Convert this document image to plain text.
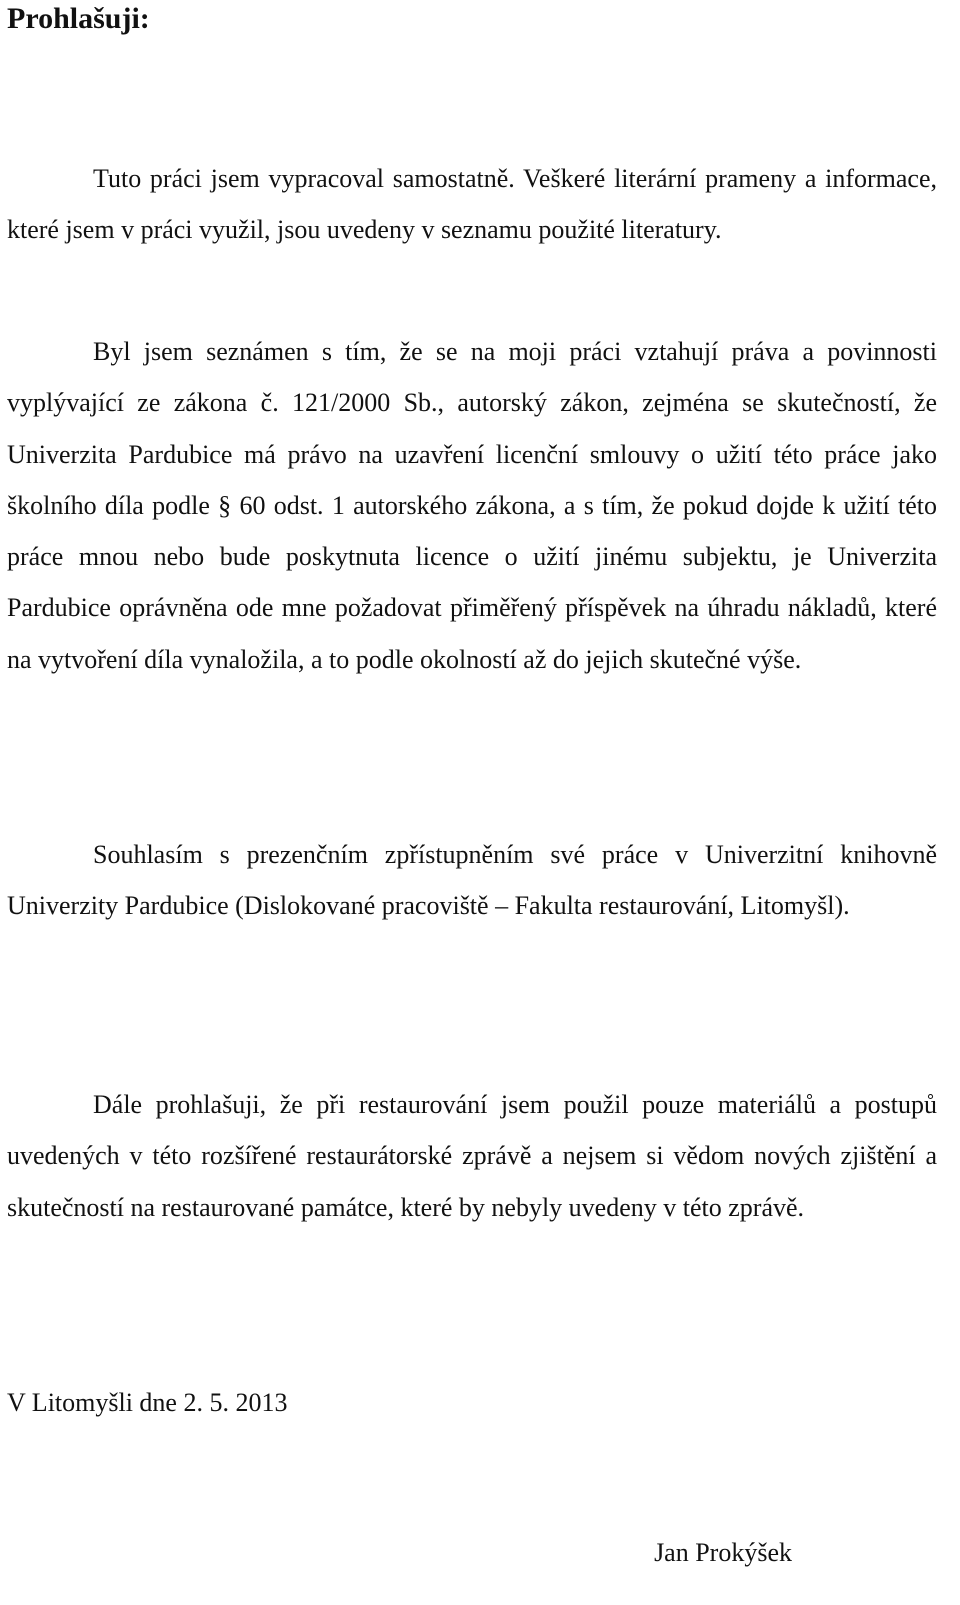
Prohlašuji:

Tuto práci jsem vypracoval samostatně. Veškeré literární prameny a informace, které jsem v práci využil, jsou uvedeny v seznamu použité literatury.

Byl jsem seznámen s tím, že se na moji práci vztahují práva a povinnosti vyplývající ze zákona č. 121/2000 Sb., autorský zákon, zejména se skutečností, že Univerzita Pardubice má právo na uzavření licenční smlouvy o užití této práce jako školního díla podle § 60 odst. 1 autorského zákona, a s tím, že pokud dojde k užití této práce mnou nebo bude poskytnuta licence o užití jinému subjektu, je Univerzita Pardubice oprávněna ode mne požadovat přiměřený příspěvek na úhradu nákladů, které na vytvoření díla vynaložila, a to podle okolností až do jejich skutečné výše.

Souhlasím s prezenčním zpřístupněním své práce v Univerzitní knihovně Univerzity Pardubice (Dislokované pracoviště – Fakulta restaurování, Litomyšl).

Dále prohlašuji, že při restaurování jsem použil pouze materiálů a postupů uvedených v této rozšířené restaurátorské zprávě a nejsem si vědom nových zjištění a skutečností na restaurované památce, které by nebyly uvedeny v této zprávě.

V Litomyšli dne 2. 5. 2013

Jan Prokýšek
